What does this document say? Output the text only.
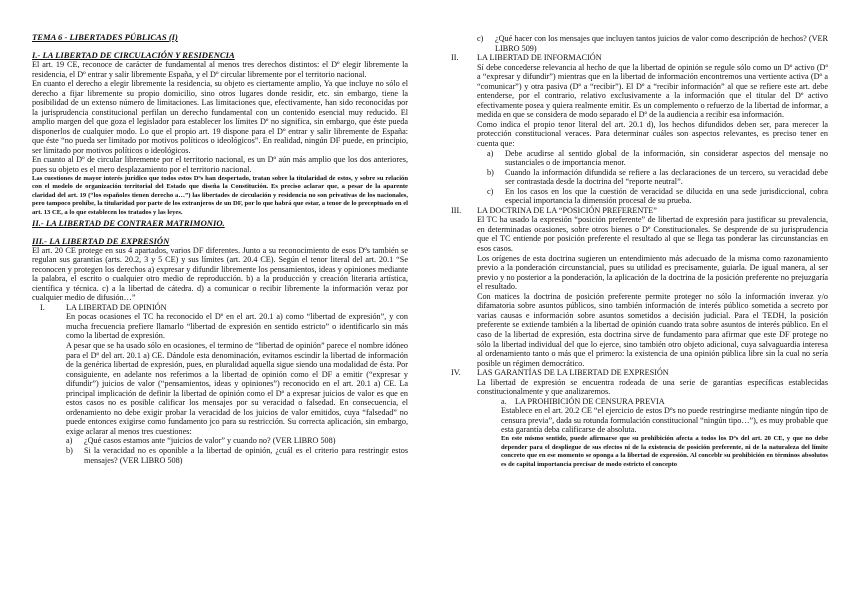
TEMA 6 - LIBERTADES PÚBLICAS (I)

I.- LA LIBERTAD DE CIRCULACIÓN Y RESIDENCIA

El art. 19 CE, reconoce de carácter de fundamental al menos tres derechos distintos: el Dº elegir libremente la residencia, el Dº entrar y salir libremente España, y el Dº circular libremente por el territorio nacional.

En cuanto el derecho a elegir libremente la residencia, su objeto es ciertamente amplio, Ya que incluye no sólo el derecho a fijar libremente su propio domicilio, sino otros lugares donde residir, etc. sin embargo, tiene la posibilidad de un extenso número de limitaciones. Las limitaciones que, efectivamente, han sido reconocidas por la jurisprudencia constitucional perfilan un derecho fundamental con un contenido esencial muy reducido. El amplio margen del que goza el legislador para establecer los límites Dº no significa, sin embargo, que éste pueda disponerlos de cualquier modo. Lo que el propio art. 19 dispone para el Dº entrar y salir libremente de España: que éste “no pueda ser limitado por motivos políticos o ideológicos”. En realidad, ningún DF puede, en principio, ser limitado por motivos políticos o ideológicos.

En cuanto al Dº de circular libremente por el territorio nacional, es un Dº aún más amplio que los dos anteriores, pues su objeto es el mero desplazamiento por el territorio nacional.

Las cuestiones de mayor interés jurídico que todos estos Dºs han despertado, tratan sobre la titularidad de estos, y sobre su relación con el modelo de organización territorial del Estado que diseña la Constitución. Es preciso aclarar que, a pesar de la aparente claridad del art. 19 (“los españoles tienen derecho a…”) las libertades de circulación y residencia no son privativas de los nacionales, pero tampoco prohíbe, la titularidad por parte de los extranjeros de un DF, por lo que habrá que estar, a tenor de lo preceptuado en el art. 13 CE, a lo que establecen los tratados y las leyes.

II.- LA LIBERTAD DE CONTRAER MATRIMONIO.

III.- LA LIBERTAD DE EXPRESIÓN

El art. 20 CE protege en sus 4 apartados, varios DF diferentes. Junto a su reconocimiento de esos Dºs también se regulan sus garantías (arts. 20.2, 3 y 5 CE) y sus límites (art. 20.4 CE). Según el tenor literal del art. 20.1 “Se reconocen y protegen los derechos a) expresar y difundir libremente los pensamientos, ideas y opiniones mediante la palabra, el escrito o cualquier otro medio de reproducción. b) a la producción y creación literaria artística, científica y técnica. c) a la libertad de cátedra. d) a comunicar o recibir libremente la información veraz por cualquier medio de difusión…”

I.	LA LIBERTAD DE OPINIÓN

En pocas ocasiones el TC ha reconocido el Dº en el art. 20.1 a) como “libertad de expresión”, y con mucha frecuencia prefiere llamarlo “libertad de expresión en sentido estricto” o identificarlo sin más como la libertad de expresión.

A pesar que se ha usado sólo en ocasiones, el termino de “libertad de opinión” parece el nombre idóneo para el Dº del art. 20.1 a) CE. Dándole esta denominación, evitamos escindir la libertad de información de la genérica libertad de expresión, pues, en pluralidad aquella sigue siendo una modalidad de ésta. Por consiguiente, en adelante nos referimos a la libertad de opinión como el DF a emitir (“expresar y difundir”) juicios de valor (“pensamientos, ideas y opiniones”) reconocido en el art. 20.1 a) CE. La principal implicación de definir la libertad de opinión como el Dº a expresar juicios de valor es que en estos casos no es posible calificar los mensajes por su veracidad o falsedad. En consecuencia, el ordenamiento no debe exigir probar la veracidad de los juicios de valor emitidos, cuya “falsedad” no puede entonces exigirse como fundamento jco para su restricción. Su correcta aplicación, sin embargo, exige aclarar al menos tres cuestiones:

a)	¿Qué casos estamos ante “juicios de valor” y cuando no? (VER LIBRO 508)
b)	Si la veracidad no es oponible a la libertad de opinión, ¿cuál es el criterio para restringir estos mensajes? (VER LIBRO 508)
c)	¿Qué hacer con los mensajes que incluyen tantos juicios de valor como descripción de hechos? (VER LIBRO 509)
II.	LA LIBERTAD DE INFORMACIÓN

Sí debe concederse relevancia al hecho de que la libertad de opinión se regule sólo como un Dº activo (Dº a “expresar y difundir”) mientras que en la libertad de información encontremos una vertiente activa (Dº a “comunicar”) y otra pasiva (Dº a “recibir”). El Dº a “recibir información” al que se refiere este art. debe entenderse, por el contrario, relativo exclusivamente a la información que el titular del Dº activo efectivamente posea y quiera realmente emitir. Es un complemento o refuerzo de la libertad de informar, a medida en que se considera de modo separado el Dº de la audiencia a recibir esa información.

Como indica el propio tenor literal del art. 20.1 d), los hechos difundidos deben ser, para merecer la protección constitucional veraces. Para determinar cuáles son aspectos relevantes, es preciso tener en cuenta que:

a)	Debe acudirse al sentido global de la información, sin considerar aspectos del mensaje no sustanciales o de importancia menor.
b)	Cuando la información difundida se refiere a las declaraciones de un tercero, su veracidad debe ser contrastada desde la doctrina del “reporte neutral”.
c)	En los casos en los que la cuestión de veracidad se dilucida en una sede jurisdiccional, cobra especial importancia la dimensión procesal de su prueba.
III.	LA DOCTRINA DE LA “POSICIÓN PREFERENTE”

El TC ha usado la expresión “posición preferente” de libertad de expresión para justificar su prevalencia, en determinadas ocasiones, sobre otros bienes o Dº Constitucionales. Se desprende de su jurisprudencia que el TC entiende por posición preferente el resultado al que se llega tas ponderar las circunstancias en esos casos.

Los orígenes de esta doctrina sugieren un entendimiento más adecuado de la misma como razonamiento previo a la ponderación circunstancial, pues su utilidad es precisamente, guiarla. De igual manera, al ser previo y no posterior a la ponderación, la aplicación de la doctrina de la posición preferente no prejuzgaría el resultado.

Con matices la doctrina de posición preferente permite proteger no sólo la información inveraz y/o difamatoria sobre asuntos públicos, sino también información de interés público sometida a secreto por varias causas e información sobre asuntos sometidos a decisión judicial. Para el TEDH, la posición preferente se extiende también a la libertad de opinión cuando trata sobre asuntos de interés público. En el caso de la libertad de expresión, esta doctrina sirve de fundamento para afirmar que este DF protege no sólo la libertad individual del que lo ejerce, sino también otro objeto adicional, cuya salvaguardia interesa al ordenamiento tanto o más que el primero: la existencia de una opinión pública libre sin la cual no sería posible un régimen democrático.

IV.	LAS GARANTÍAS DE LA LIBERTAD DE EXPRESIÓN

La libertad de expresión se encuentra rodeada de una serie de garantías específicas establecidas constitucionalmente y que analizaremos.

a.	LA PROHIBICIÓN DE CENSURA PREVIA

Establece en el art. 20.2 CE “el ejercicio de estos Dºs no puede restringirse mediante ningún tipo de censura previa”, dada su rotunda formulación constitucional “ningún tipo…”), es muy probable que esta garantía deba calificarse de absoluta.

En este mismo sentido, puede afirmarse que su prohibición afecta a todos los Dºs del art. 20 CE, y que no debe depender para el despliegue de sus efectos ni de la existencia de posición preferente, ni de la naturaleza del límite concreto que en ese momento se oponga a la libertad de expresión. Al conceblr su prohibición en términos absolutos es de capital importancia precisar de modo estricto el concepto
